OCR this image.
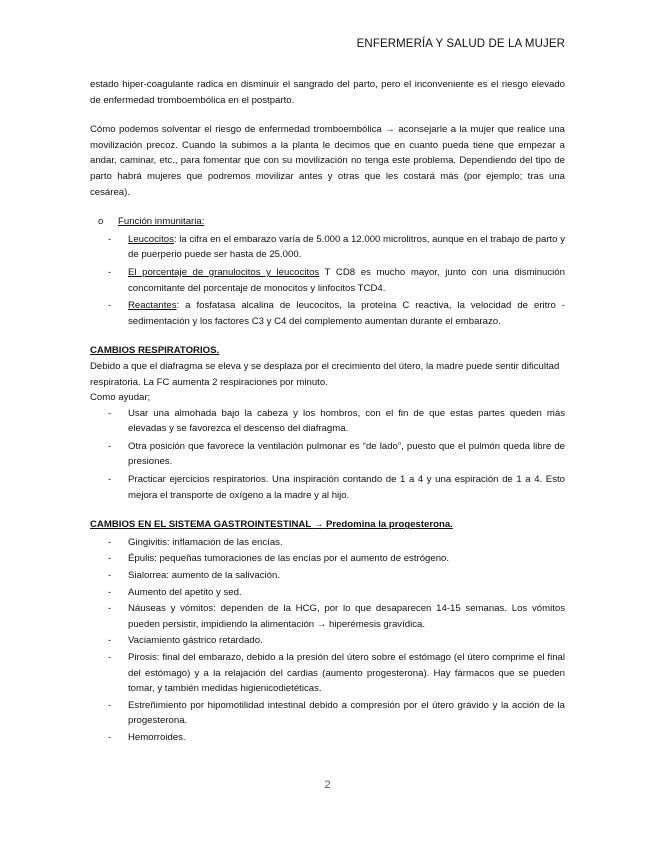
ENFERMERÍA Y SALUD DE LA MUJER

estado hiper-coagulante radica en disminuir el sangrado del parto, pero el inconveniente es el riesgo elevado de enfermedad tromboembólica en el postparto.

Cómo podemos solventar el riesgo de enfermedad tromboembólica → aconsejarle a la mujer que realice una movilización precoz. Cuando la subimos a la planta le decimos que en cuanto pueda tiene que empezar a andar, caminar, etc., para fomentar que con su movilización no tenga este problema. Dependiendo del tipo de parto habrá mujeres que podremos movilizar antes y otras que les costará más (por ejemplo; tras una cesárea).

o	Función inmunitaria:
-	Leucocitos: la cifra en el embarazo varía de 5.000 a 12.000 microlitros, aunque en el trabajo de parto y de puerperio puede ser hasta de 25.000.
-	El porcentaje de granulocitos y leucocitos T CD8 es mucho mayor, junto con una disminución concomitante del porcentaje de monocitos y linfocitos TCD4.
-	Reactantes: a fosfatasa alcalina de leucocitos, la proteína C reactiva, la velocidad de eritro - sedimentación y los factores C3 y C4 del complemento aumentan durante el embarazo.

CAMBIOS RESPIRATORIOS.

Debido a que el diafragma se eleva y se desplaza por el crecimiento del útero, la madre puede sentir dificultad respiratoria. La FC aumenta 2 respiraciones por minuto.

Como ayudar;

-	Usar una almohada bajo la cabeza y los hombros, con el fin de que estas partes queden más elevadas y se favorezca el descenso del diafragma.
-	Otra posición que favorece la ventilación pulmonar es “de lado”, puesto que el pulmón queda libre de presiones.
-	Practicar ejercicios respiratorios. Una inspiración contando de 1 a 4 y una espiración de 1 a 4. Esto mejora el transporte de oxígeno a la madre y al hijo.

CAMBIOS EN EL SISTEMA GASTROINTESTINAL → Predomina la progesterona.

-	Gingivitis: inflamación de las encías.
-	Épulis: pequeñas tumoraciones de las encías por el aumento de estrógeno.
-	Sialorrea: aumento de la salivación.
-	Aumento del apetito y sed.
-	Náuseas y vómitos: dependen de la HCG, por lo que desaparecen 14-15 semanas. Los vómitos pueden persistir, impidiendo la alimentación → hiperémesis gravídica.
-	Vaciamiento gástrico retardado.
-	Pirosis: final del embarazo, debido a la presión del útero sobre el estómago (el útero comprime el final del estómago) y a la relajación del cardias (aumento progesterona). Hay fármacos que se pueden tomar, y también medidas higienicodietéticas.
-	Estreñimiento por hipomotilidad intestinal debido a compresión por el útero grávido y la acción de la progesterona.
-	Hemorroides.
2
